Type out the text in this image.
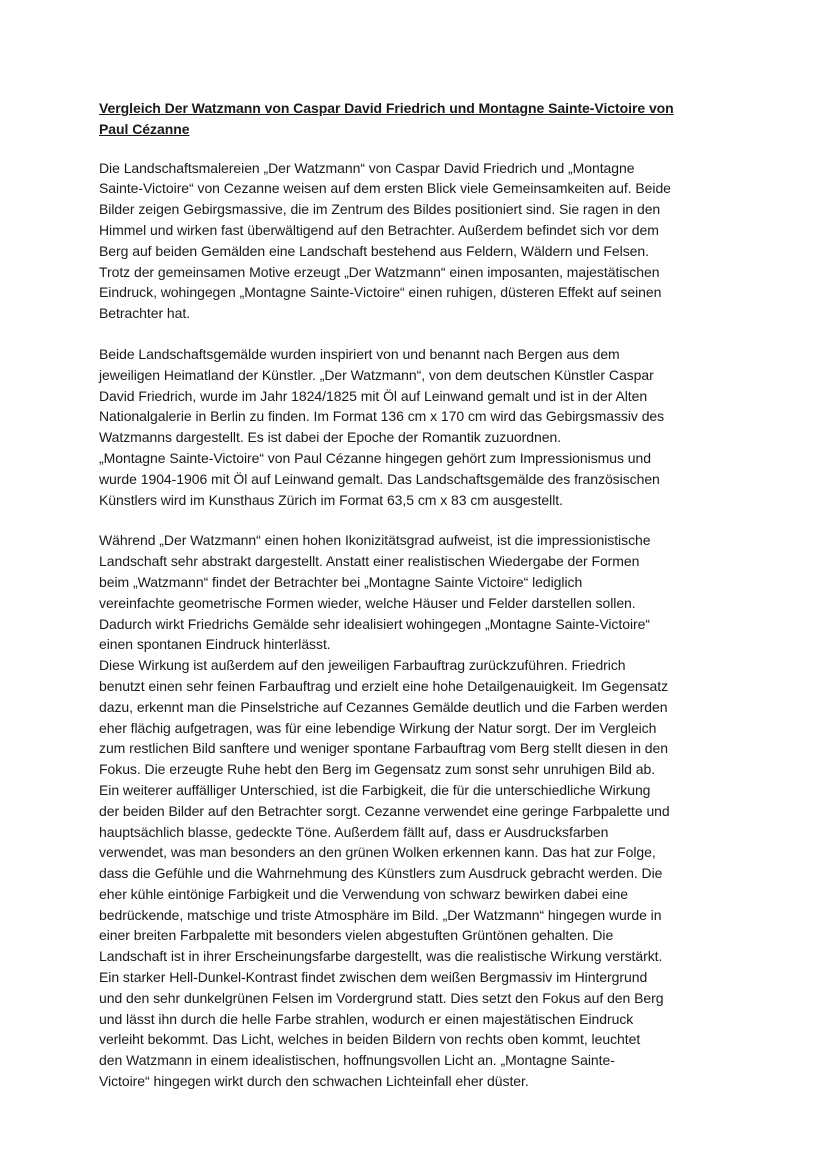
Vergleich Der Watzmann von Caspar David Friedrich und Montagne Sainte-Victoire von
Paul Cézanne
Die Landschaftsmalereien „Der Watzmann“ von Caspar David Friedrich und „Montagne
Sainte-Victoire“ von Cezanne weisen auf dem ersten Blick viele Gemeinsamkeiten auf. Beide
Bilder zeigen Gebirgsmassive, die im Zentrum des Bildes positioniert sind. Sie ragen in den
Himmel und wirken fast überwältigend auf den Betrachter. Außerdem befindet sich vor dem
Berg auf beiden Gemälden eine Landschaft bestehend aus Feldern, Wäldern und Felsen.
Trotz der gemeinsamen Motive erzeugt „Der Watzmann“ einen imposanten, majestätischen
Eindruck, wohingegen „Montagne Sainte-Victoire“ einen ruhigen, düsteren Effekt auf seinen
Betrachter hat.
Beide Landschaftsgemälde wurden inspiriert von und benannt nach Bergen aus dem
jeweiligen Heimatland der Künstler. „Der Watzmann“, von dem deutschen Künstler Caspar
David Friedrich, wurde im Jahr 1824/1825 mit Öl auf Leinwand gemalt und ist in der Alten
Nationalgalerie in Berlin zu finden. Im Format 136 cm x 170 cm wird das Gebirgsmassiv des
Watzmanns dargestellt. Es ist dabei der Epoche der Romantik zuzuordnen.
„Montagne Sainte-Victoire“ von Paul Cézanne hingegen gehört zum Impressionismus und
wurde 1904-1906 mit Öl auf Leinwand gemalt. Das Landschaftsgemälde des französischen
Künstlers wird im Kunsthaus Zürich im Format 63,5 cm x 83 cm ausgestellt.
Während „Der Watzmann“ einen hohen Ikonizitätsgrad aufweist, ist die impressionistische
Landschaft sehr abstrakt dargestellt. Anstatt einer realistischen Wiedergabe der Formen
beim „Watzmann“ findet der Betrachter bei „Montagne Sainte Victoire“ lediglich
vereinfachte geometrische Formen wieder, welche Häuser und Felder darstellen sollen.
Dadurch wirkt Friedrichs Gemälde sehr idealisiert wohingegen „Montagne Sainte-Victoire“
einen spontanen Eindruck hinterlässt.
Diese Wirkung ist außerdem auf den jeweiligen Farbauftrag zurückzuführen. Friedrich
benutzt einen sehr feinen Farbauftrag und erzielt eine hohe Detailgenauigkeit. Im Gegensatz
dazu, erkennt man die Pinselstriche auf Cezannes Gemälde deutlich und die Farben werden
eher flächig aufgetragen, was für eine lebendige Wirkung der Natur sorgt. Der im Vergleich
zum restlichen Bild sanftere und weniger spontane Farbauftrag vom Berg stellt diesen in den
Fokus. Die erzeugte Ruhe hebt den Berg im Gegensatz zum sonst sehr unruhigen Bild ab.
Ein weiterer auffälliger Unterschied, ist die Farbigkeit, die für die unterschiedliche Wirkung
der beiden Bilder auf den Betrachter sorgt. Cezanne verwendet eine geringe Farbpalette und
hauptsächlich blasse, gedeckte Töne. Außerdem fällt auf, dass er Ausdrucksfarben
verwendet, was man besonders an den grünen Wolken erkennen kann. Das hat zur Folge,
dass die Gefühle und die Wahrnehmung des Künstlers zum Ausdruck gebracht werden. Die
eher kühle eintönige Farbigkeit und die Verwendung von schwarz bewirken dabei eine
bedrückende, matschige und triste Atmosphäre im Bild. „Der Watzmann“ hingegen wurde in
einer breiten Farbpalette mit besonders vielen abgestuften Grüntönen gehalten. Die
Landschaft ist in ihrer Erscheinungsfarbe dargestellt, was die realistische Wirkung verstärkt.
Ein starker Hell-Dunkel-Kontrast findet zwischen dem weißen Bergmassiv im Hintergrund
und den sehr dunkelgrünen Felsen im Vordergrund statt. Dies setzt den Fokus auf den Berg
und lässt ihn durch die helle Farbe strahlen, wodurch er einen majestätischen Eindruck
verleiht bekommt. Das Licht, welches in beiden Bildern von rechts oben kommt, leuchtet
den Watzmann in einem idealistischen, hoffnungsvollen Licht an. „Montagne Sainte-
Victoire“ hingegen wirkt durch den schwachen Lichteinfall eher düster.
